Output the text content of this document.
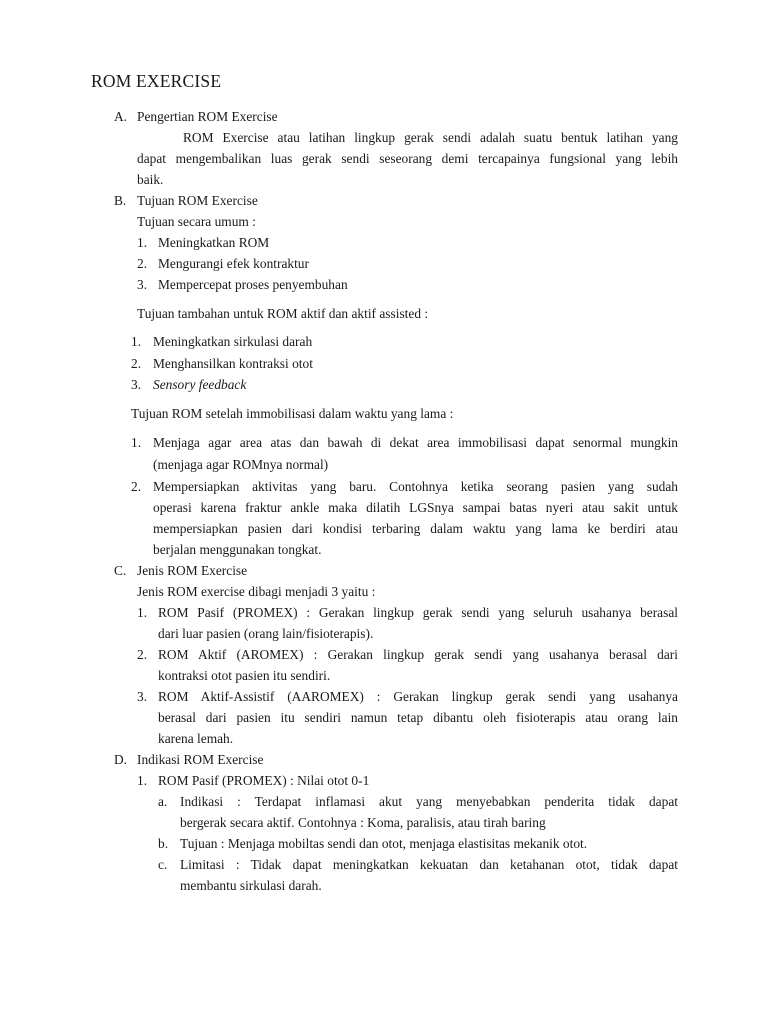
ROM EXERCISE
A. Pengertian ROM Exercise
ROM Exercise atau latihan lingkup gerak sendi adalah suatu bentuk latihan yang
dapat mengembalikan luas gerak sendi seseorang demi tercapainya fungsional yang lebih
baik.
B. Tujuan ROM Exercise
Tujuan secara umum :
1. Meningkatkan ROM
2. Mengurangi efek kontraktur
3. Mempercepat proses penyembuhan
Tujuan tambahan untuk ROM aktif dan aktif assisted :
1. Meningkatkan sirkulasi darah
2. Menghansilkan kontraksi otot
3. Sensory feedback
Tujuan ROM setelah immobilisasi dalam waktu yang lama :
1. Menjaga agar area atas dan bawah di dekat area immobilisasi dapat senormal mungkin
(menjaga agar ROMnya normal)
2. Mempersiapkan aktivitas yang baru. Contohnya ketika seorang pasien yang sudah
operasi karena fraktur ankle maka dilatih LGSnya sampai batas nyeri atau sakit untuk
mempersiapkan pasien dari kondisi terbaring dalam waktu yang lama ke berdiri atau
berjalan menggunakan tongkat.
C. Jenis ROM Exercise
Jenis ROM exercise dibagi menjadi 3 yaitu :
1. ROM Pasif (PROMEX) : Gerakan lingkup gerak sendi yang seluruh usahanya berasal
dari luar pasien (orang lain/fisioterapis).
2. ROM Aktif (AROMEX) : Gerakan lingkup gerak sendi yang usahanya berasal dari
kontraksi otot pasien itu sendiri.
3. ROM Aktif-Assistif (AAROMEX) : Gerakan lingkup gerak sendi yang usahanya
berasal dari pasien itu sendiri namun tetap dibantu oleh fisioterapis atau orang lain
karena lemah.
D. Indikasi ROM Exercise
1. ROM Pasif (PROMEX) : Nilai otot 0-1
a. Indikasi : Terdapat inflamasi akut yang menyebabkan penderita tidak dapat
bergerak secara aktif. Contohnya : Koma, paralisis, atau tirah baring
b. Tujuan : Menjaga mobiltas sendi dan otot, menjaga elastisitas mekanik otot.
c. Limitasi : Tidak dapat meningkatkan kekuatan dan ketahanan otot, tidak dapat
membantu sirkulasi darah.
